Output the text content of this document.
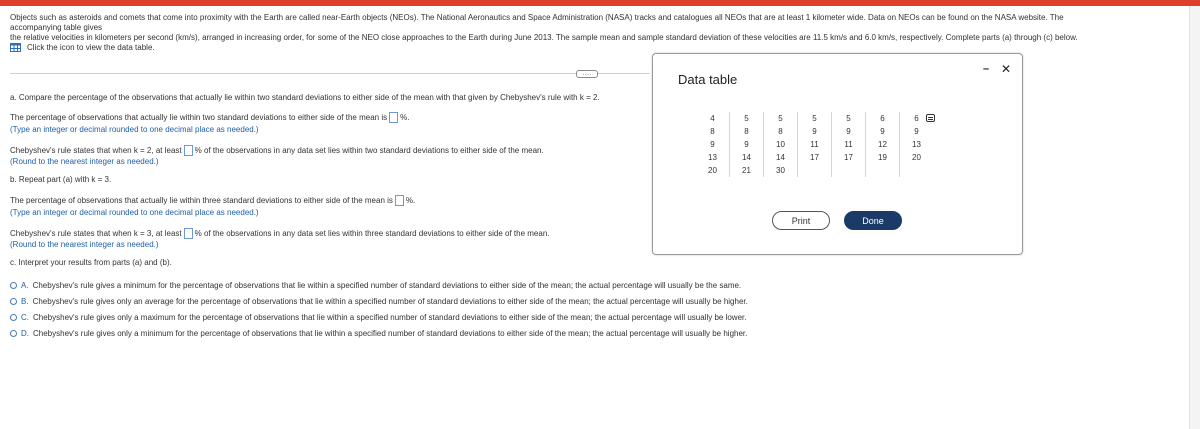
Objects such as asteroids and comets that come into proximity with the Earth are called near-Earth objects (NEOs). The National Aeronautics and Space Administration (NASA) tracks and catalogues all NEOs that are at least 1 kilometer wide. Data on NEOs can be found on the NASA website. The accompanying table gives

the relative velocities in kilometers per second (km/s), arranged in increasing order, for some of the NEO close approaches to the Earth during June 2013. The sample mean and sample standard deviation of these velocities are 11.5 km/s and 6.0 km/s, respectively. Complete parts (a) through (c) below.

Click the icon to view the data table.
.....
a. Compare the percentage of the observations that actually lie within two standard deviations to either side of the mean with that given by Chebyshev's rule with k = 2.
The percentage of observations that actually lie within two standard deviations to either side of the mean is %.
(Type an integer or decimal rounded to one decimal place as needed.)
Chebyshev's rule states that when k = 2, at least % of the observations in any data set lies within two standard deviations to either side of the mean.
(Round to the nearest integer as needed.)
b. Repeat part (a) with k = 3.
The percentage of observations that actually lie within three standard deviations to either side of the mean is %.
(Type an integer or decimal rounded to one decimal place as needed.)
Chebyshev's rule states that when k = 3, at least % of the observations in any data set lies within three standard deviations to either side of the mean.
(Round to the nearest integer as needed.)
c. Interpret your results from parts (a) and (b).
A. Chebyshev's rule gives a minimum for the percentage of observations that lie within a specified number of standard deviations to either side of the mean; the actual percentage will usually be the same.
B. Chebyshev's rule gives only an average for the percentage of observations that lie within a specified number of standard deviations to either side of the mean; the actual percentage will usually be higher.
C. Chebyshev's rule gives only a maximum for the percentage of observations that lie within a specified number of standard deviations to either side of the mean; the actual percentage will usually be lower.
D. Chebyshev's rule gives only a minimum for the percentage of observations that lie within a specified number of standard deviations to either side of the mean; the actual percentage will usually be higher.
Data table
– ✕
4	5	5	5	5	6	6
8	8	8	9	9	9	9
9	9	10	11	11	12	13
13	14	14	17	17	19	20
20	21	30				
Print	Done
